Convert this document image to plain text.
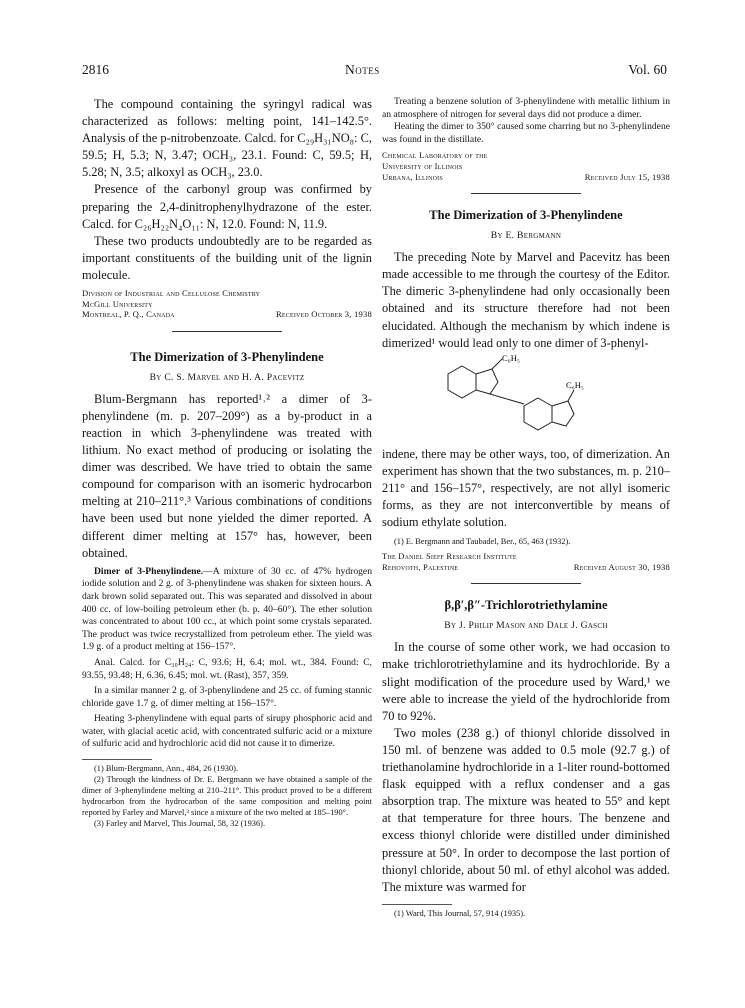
2816	Notes	Vol. 60

The compound containing the syringyl radical was characterized as follows: melting point, 141–142.5°. Analysis of the p-nitrobenzoate. Calcd. for C₂₉H₃₁NO₈: C, 59.5; H, 5.3; N, 3.47; OCH₃, 23.1. Found: C, 59.5; H, 5.28; N, 3.5; alkoxyl as OCH₃, 23.0.

Presence of the carbonyl group was confirmed by preparing the 2,4-dinitrophenylhydrazone of the ester. Calcd. for C₂₆H₂₂N₄O₁₁: N, 12.0. Found: N, 11.9.

These two products undoubtedly are to be regarded as important constituents of the building unit of the lignin molecule.

Division of Industrial and Cellulose Chemistry
McGill University
Montreal, P. Q., Canada	Received October 3, 1938
The Dimerization of 3-Phenylindene
By C. S. Marvel and H. A. Pacevitz

Blum-Bergmann has reported¹˒² a dimer of 3-phenylindene (m. p. 207–209°) as a by-product in a reaction in which 3-phenylindene was treated with lithium. No exact method of producing or isolating the dimer was described. We have tried to obtain the same compound for comparison with an isomeric hydrocarbon melting at 210–211°.³ Various combinations of conditions have been used but none yielded the dimer reported. A different dimer melting at 157° has, however, been obtained.

Dimer of 3-Phenylindene.—A mixture of 30 cc. of 47% hydrogen iodide solution and 2 g. of 3-phenylindene was shaken for sixteen hours. A dark brown solid separated out. This was separated and dissolved in about 400 cc. of low-boiling petroleum ether (b. p. 40–60°). The ether solution was concentrated to about 100 cc., at which point some crystals separated. The product was twice recrystallized from petroleum ether. The yield was 1.9 g. of a product melting at 156–157°.

Anal. Calcd. for C₃₀H₂₄: C, 93.6; H, 6.4; mol. wt., 384. Found: C, 93.55, 93.48; H, 6.36, 6.45; mol. wt. (Rast), 357, 359.

In a similar manner 2 g. of 3-phenylindene and 25 cc. of fuming stannic chloride gave 1.7 g. of dimer melting at 156–157°.

Heating 3-phenylindene with equal parts of sirupy phosphoric acid and water, with glacial acetic acid, with concentrated sulfuric acid or a mixture of sulfuric acid and hydrochloric acid did not cause it to dimerize.

(1) Blum-Bergmann, Ann., 484, 26 (1930).

(2) Through the kindness of Dr. E. Bergmann we have obtained a sample of the dimer of 3-phenylindene melting at 210–211°. This product proved to be a different hydrocarbon from the hydrocarbon of the same composition and melting point reported by Farley and Marvel,³ since a mixture of the two melted at 185–190°.

(3) Farley and Marvel, This Journal, 58, 32 (1936).

Treating a benzene solution of 3-phenylindene with metallic lithium in an atmosphere of nitrogen for several days did not produce a dimer.

Heating the dimer to 350° caused some charring but no 3-phenylindene was found in the distillate.

Chemical Laboratory of the
University of Illinois
Urbana, Illinois	Received July 15, 1938
The Dimerization of 3-Phenylindene
By E. Bergmann

The preceding Note by Marvel and Pacevitz has been made accessible to me through the courtesy of the Editor. The dimeric 3-phenylindene had only occasionally been obtained and its structure therefore had not been elucidated. Although the mechanism by which indene is dimerized¹ would lead only to one dimer of 3-phenyl-

C₆H₅
C₆H₅

indene, there may be other ways, too, of dimerization. An experiment has shown that the two substances, m. p. 210–211° and 156–157°, respectively, are not allyl isomeric forms, as they are not interconvertible by means of sodium ethylate solution.

(1) E. Bergmann and Taubadel, Ber., 65, 463 (1932).

The Daniel Sieff Research Institute
Rehovoth, Palestine	Received August 30, 1938
β,β′,β″-Trichlorotriethylamine
By J. Philip Mason and Dale J. Gasch

In the course of some other work, we had occasion to make trichlorotriethylamine and its hydrochloride. By a slight modification of the procedure used by Ward,¹ we were able to increase the yield of the hydrochloride from 70 to 92%.

Two moles (238 g.) of thionyl chloride dissolved in 150 ml. of benzene was added to 0.5 mole (92.7 g.) of triethanolamine hydrochloride in a 1-liter round-bottomed flask equipped with a reflux condenser and a gas absorption trap. The mixture was heated to 55° and kept at that temperature for three hours. The benzene and excess thionyl chloride were distilled under diminished pressure at 50°. In order to decompose the last portion of thionyl chloride, about 50 ml. of ethyl alcohol was added. The mixture was warmed for

(1) Ward, This Journal, 57, 914 (1935).
